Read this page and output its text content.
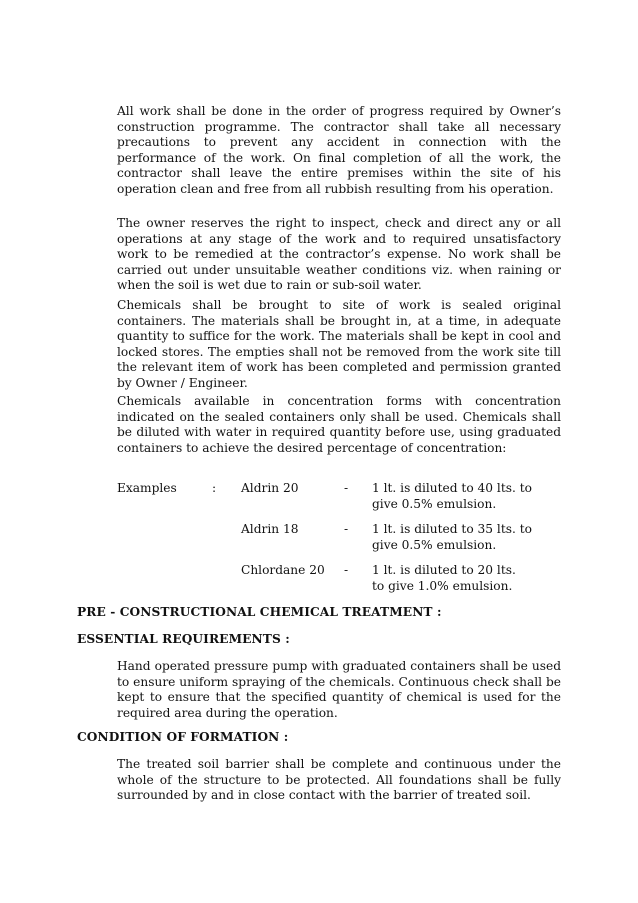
All work shall be done in the order of progress required by Owner’s construction programme. The contractor shall take all necessary precautions to prevent any accident in connection with the performance of the work. On final completion of all the work, the contractor shall leave the entire premises within the site of his operation clean and free from all rubbish resulting from his operation.

The owner reserves the right to inspect, check and direct any or all operations at any stage of the work and to required unsatisfactory work to be remedied at the contractor’s expense. No work shall be carried out under unsuitable weather conditions viz. when raining or when the soil is wet due to rain or sub-soil water.

Chemicals shall be brought to site of work is sealed original containers. The materials shall be brought in, at a time, in adequate quantity to suffice for the work. The materials shall be kept in cool and locked stores. The empties shall not be removed from the work site till the relevant item of work has been completed and permission granted by Owner / Engineer.

Chemicals available in concentration forms with concentration indicated on the sealed containers only shall be used. Chemicals shall be diluted with water in required quantity before use, using graduated containers to achieve the desired percentage of concentration:

Examples	: Aldrin 20	- 1 lt. is diluted to 40 lts. to
give 0.5% emulsion.
Aldrin 18	- 1 lt. is diluted to 35 lts. to
give 0.5% emulsion.
Chlordane 20 - 1 lt. is diluted to 20 lts.
to give 1.0% emulsion.

PRE - CONSTRUCTIONAL CHEMICAL TREATMENT :

ESSENTIAL REQUIREMENTS :

Hand operated pressure pump with graduated containers shall be used to ensure uniform spraying of the chemicals. Continuous check shall be kept to ensure that the specified quantity of chemical is used for the required area during the operation.

CONDITION OF FORMATION :

The treated soil barrier shall be complete and continuous under the whole of the structure to be protected. All foundations shall be fully surrounded by and in close contact with the barrier of treated soil.
